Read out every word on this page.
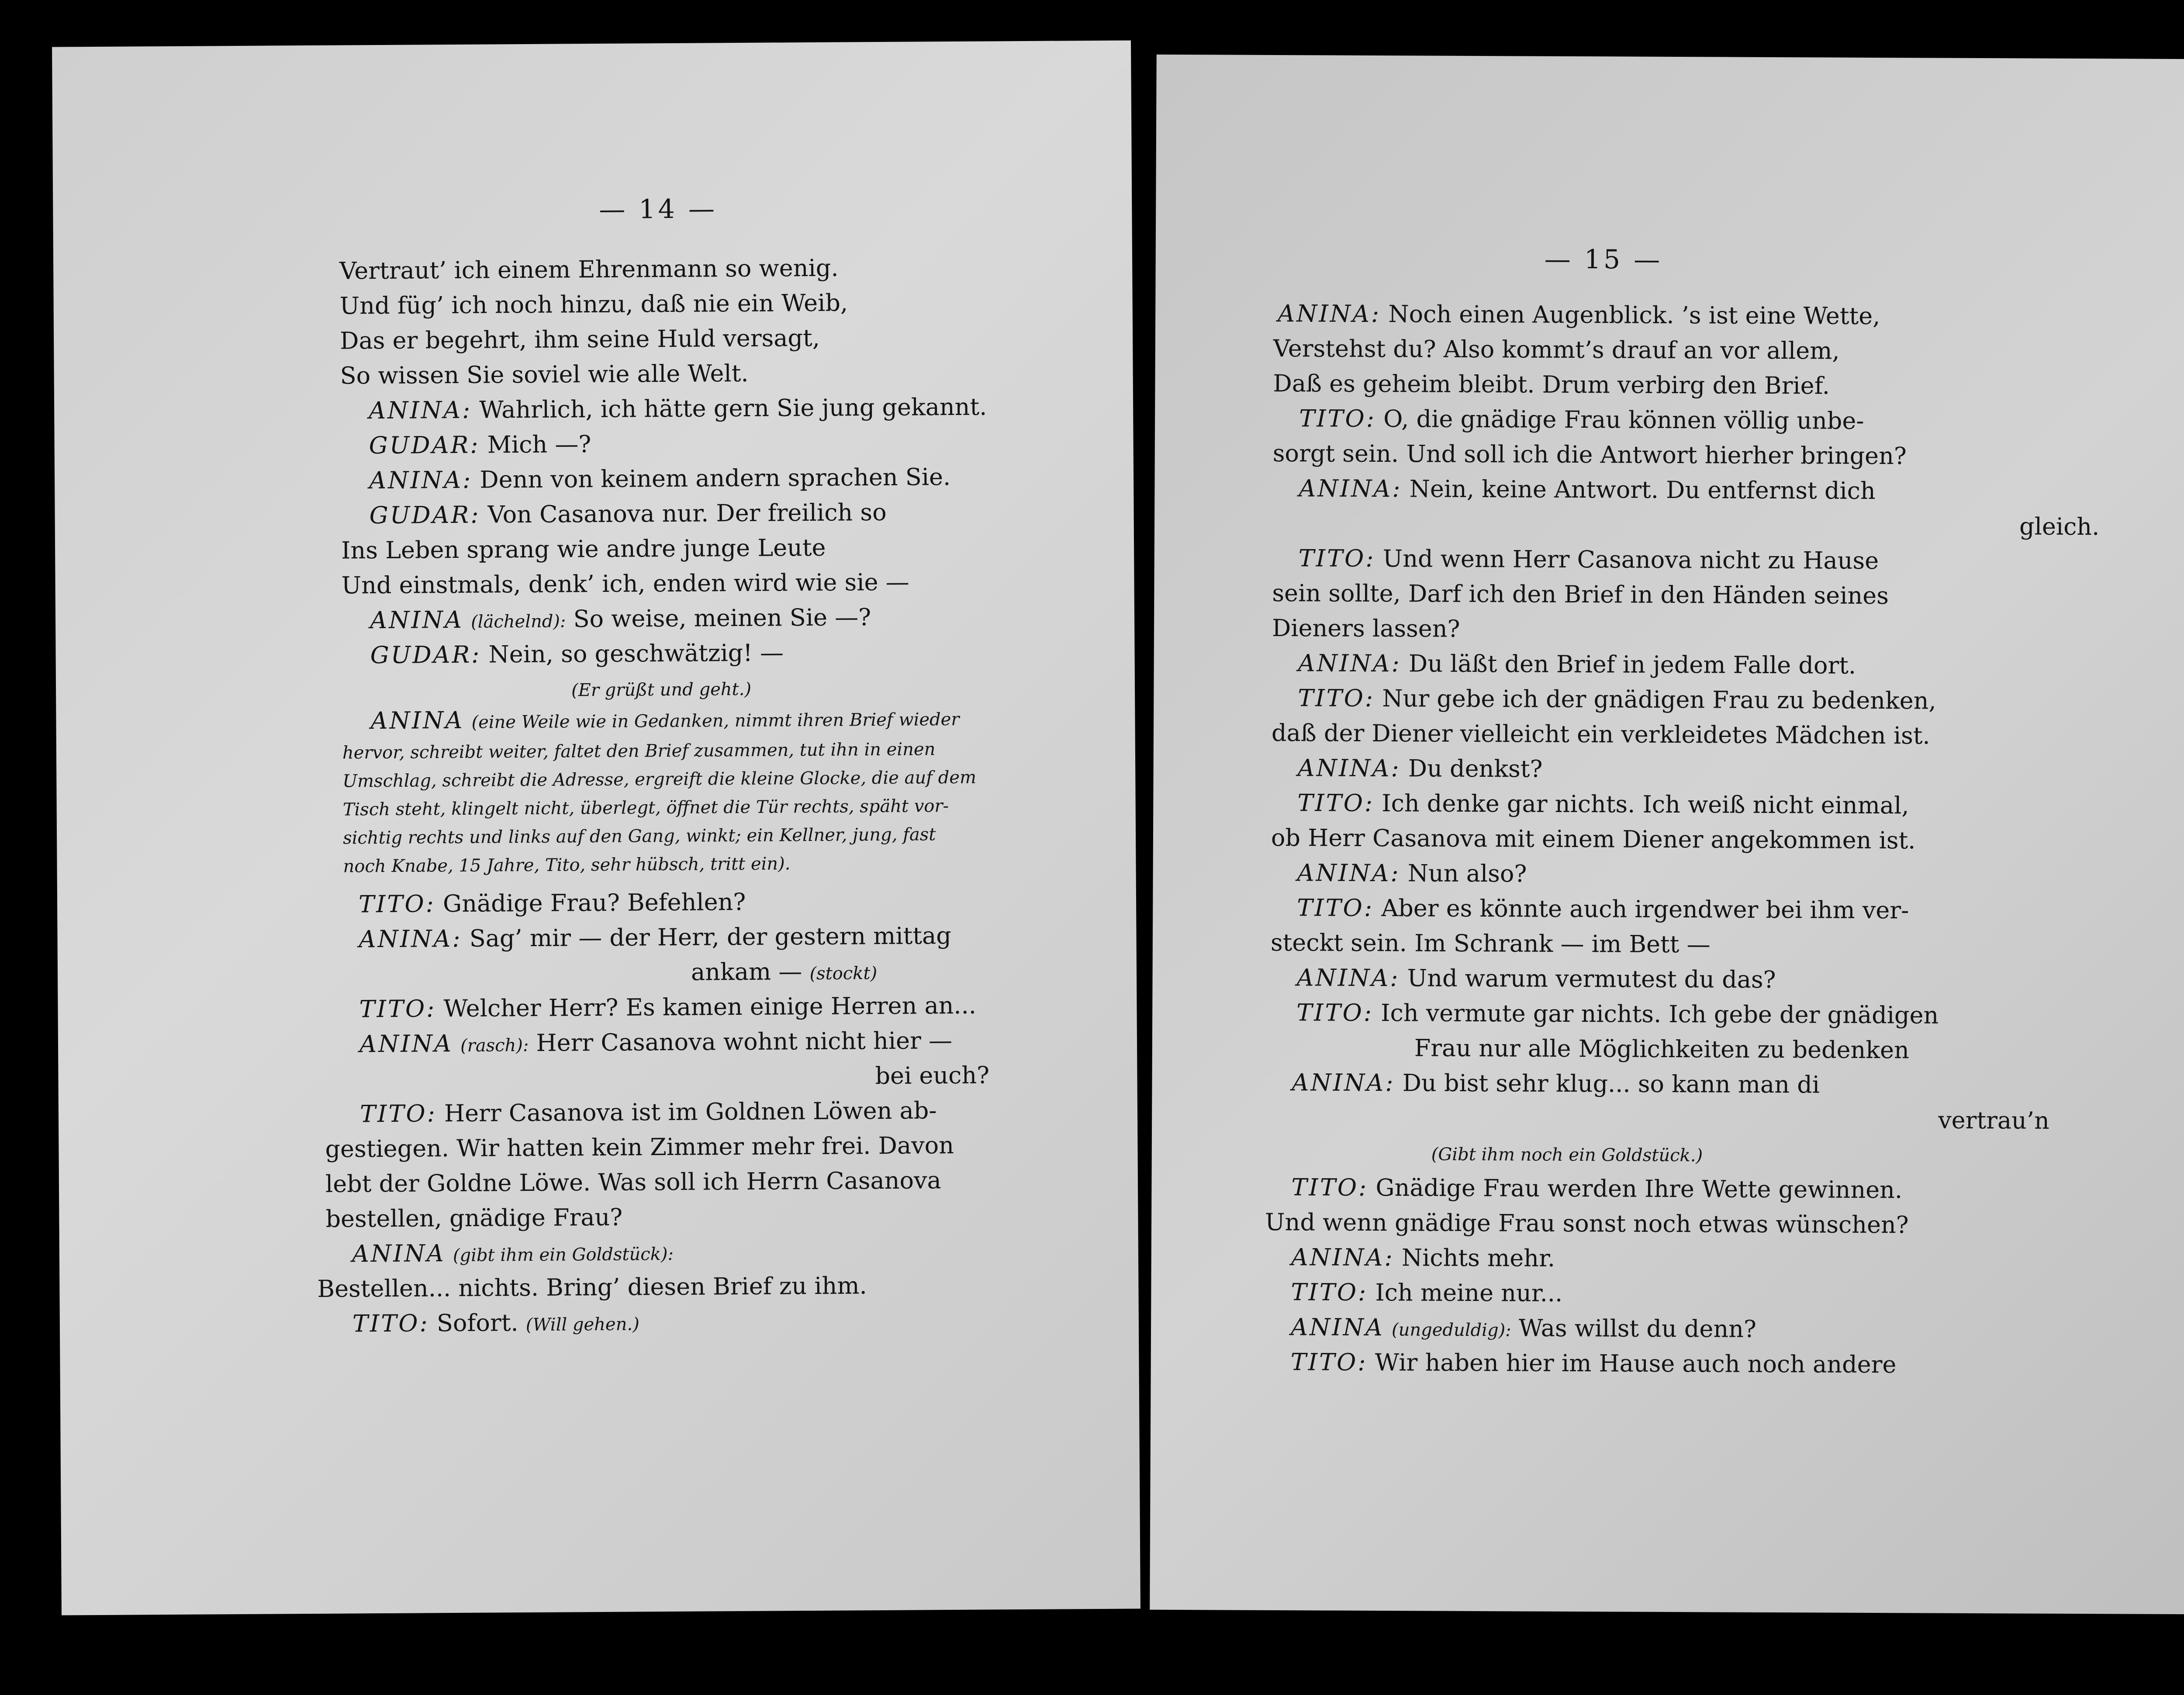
— 14 —
Vertraut’ ich einem Ehrenmann so wenig.
Und füg’ ich noch hinzu, daß nie ein Weib,
Das er begehrt, ihm seine Huld versagt,
So wissen Sie soviel wie alle Welt.
ANINA: Wahrlich, ich hätte gern Sie jung gekannt.
GUDAR: Mich —?
ANINA: Denn von keinem andern sprachen Sie.
GUDAR: Von Casanova nur. Der freilich so
Ins Leben sprang wie andre junge Leute
Und einstmals, denk’ ich, enden wird wie sie —
ANINA (lächelnd): So weise, meinen Sie —?
GUDAR: Nein, so geschwätzig! —
(Er grüßt und geht.)
ANINA (eine Weile wie in Gedanken, nimmt ihren Brief wieder
hervor, schreibt weiter, faltet den Brief zusammen, tut ihn in einen
Umschlag, schreibt die Adresse, ergreift die kleine Glocke, die auf dem
Tisch steht, klingelt nicht, überlegt, öffnet die Tür rechts, späht vor-
sichtig rechts und links auf den Gang, winkt; ein Kellner, jung, fast
noch Knabe, 15 Jahre, Tito, sehr hübsch, tritt ein).
TITO: Gnädige Frau? Befehlen?
ANINA: Sag’ mir — der Herr, der gestern mittag
ankam — (stockt)
TITO: Welcher Herr? Es kamen einige Herren an...
ANINA (rasch): Herr Casanova wohnt nicht hier —
bei euch?
TITO: Herr Casanova ist im Goldnen Löwen ab-
gestiegen. Wir hatten kein Zimmer mehr frei. Davon
lebt der Goldne Löwe. Was soll ich Herrn Casanova
bestellen, gnädige Frau?
ANINA (gibt ihm ein Goldstück):
Bestellen... nichts. Bring’ diesen Brief zu ihm.
TITO: Sofort. (Will gehen.)
— 15 —
ANINA: Noch einen Augenblick. ’s ist eine Wette,
Verstehst du? Also kommt’s drauf an vor allem,
Daß es geheim bleibt. Drum verbirg den Brief.
TITO: O, die gnädige Frau können völlig unbe-
sorgt sein. Und soll ich die Antwort hierher bringen?
ANINA: Nein, keine Antwort. Du entfernst dich
gleich.
TITO: Und wenn Herr Casanova nicht zu Hause
sein sollte, Darf ich den Brief in den Händen seines
Dieners lassen?
ANINA: Du läßt den Brief in jedem Falle dort.
TITO: Nur gebe ich der gnädigen Frau zu bedenken,
daß der Diener vielleicht ein verkleidetes Mädchen ist.
ANINA: Du denkst?
TITO: Ich denke gar nichts. Ich weiß nicht einmal,
ob Herr Casanova mit einem Diener angekommen ist.
ANINA: Nun also?
TITO: Aber es könnte auch irgendwer bei ihm ver-
steckt sein. Im Schrank — im Bett —
ANINA: Und warum vermutest du das?
TITO: Ich vermute gar nichts. Ich gebe der gnädigen
Frau nur alle Möglichkeiten zu bedenken
ANINA: Du bist sehr klug... so kann man di
vertrau’n
(Gibt ihm noch ein Goldstück.)
TITO: Gnädige Frau werden Ihre Wette gewinnen.
Und wenn gnädige Frau sonst noch etwas wünschen?
ANINA: Nichts mehr.
TITO: Ich meine nur...
ANINA (ungeduldig): Was willst du denn?
TITO: Wir haben hier im Hause auch noch andere
